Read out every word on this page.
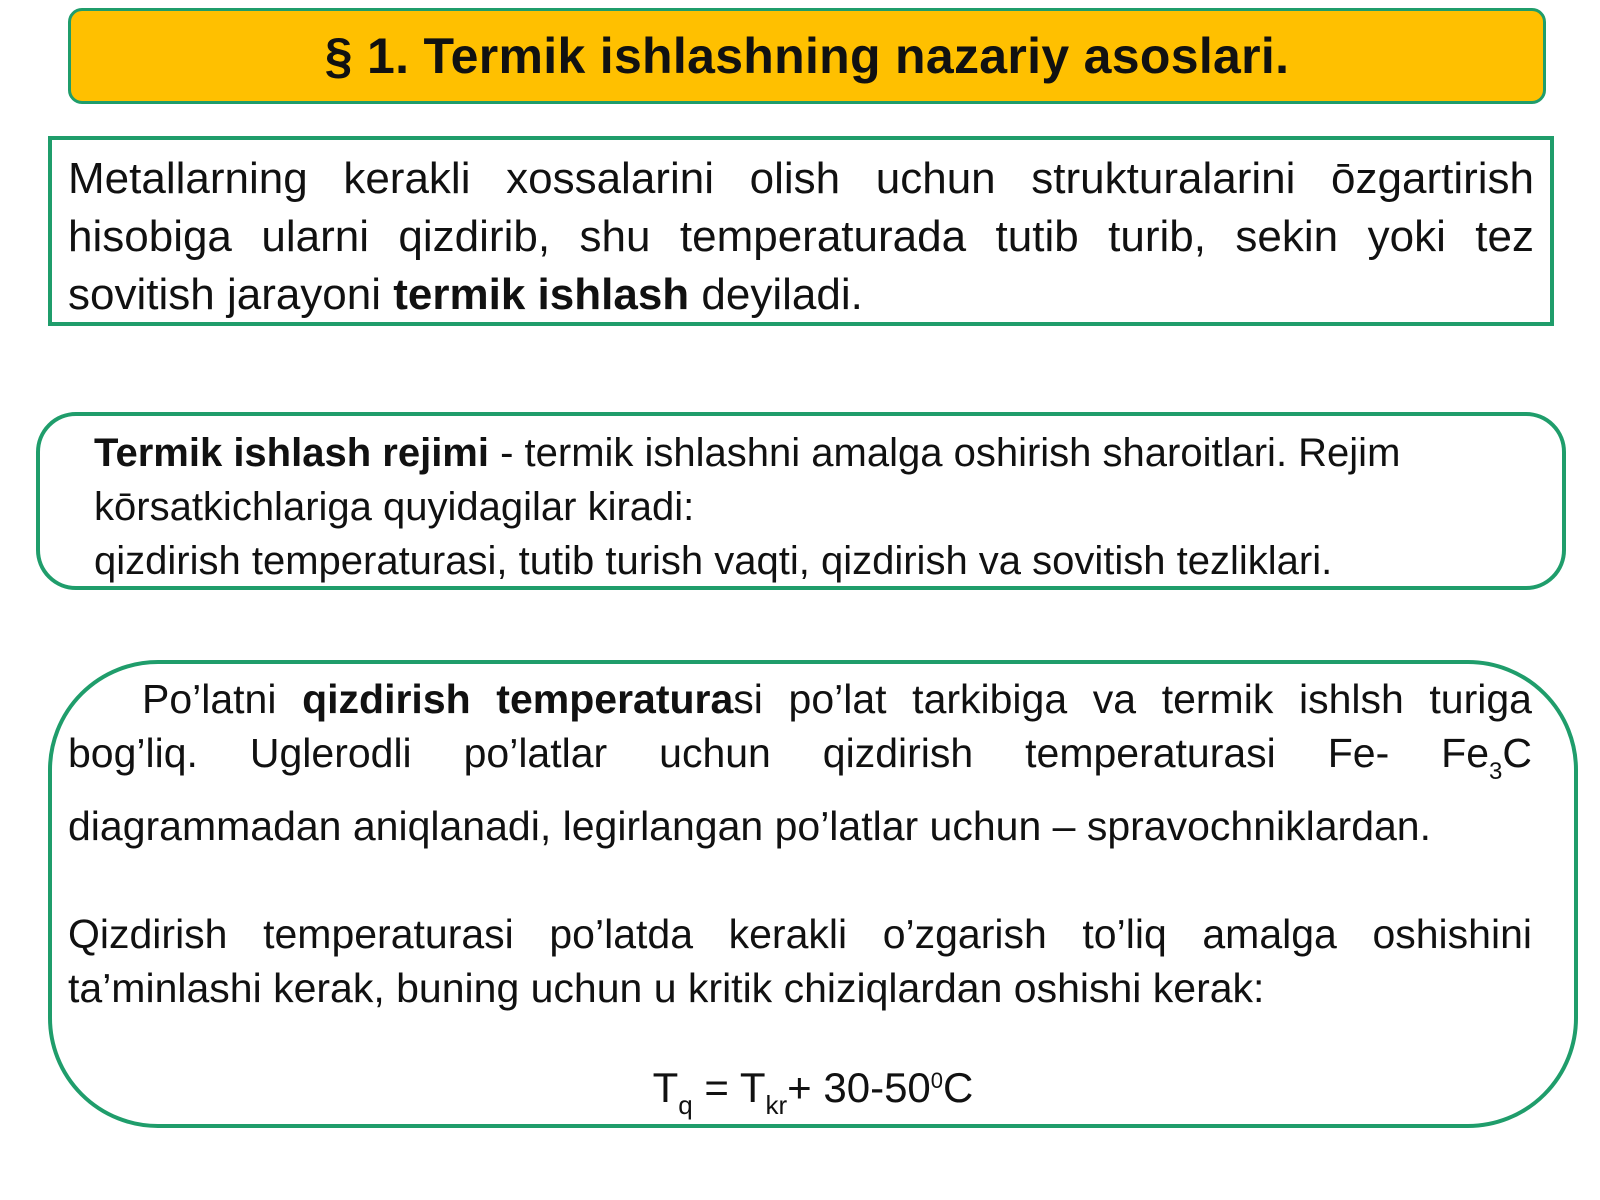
§ 1. Termik ishlashning nazariy asoslari.

Metallarning kerakli xossalarini olish uchun strukturalarini ōzgartirish hisobiga ularni qizdirib, shu temperaturada tutib turib, sekin yoki tez sovitish jarayoni termik ishlash deyiladi.

Termik ishlash rejimi - termik ishlashni amalga oshirish sharoitlari. Rejim

kōrsatkichlariga quyidagilar kiradi:

qizdirish temperaturasi, tutib turish vaqti, qizdirish va sovitish tezliklari.

Po’latni qizdirish temperaturasi po’lat tarkibiga va termik ishlsh turiga bog’liq. Uglerodli po’latlar uchun qizdirish temperaturasi Fe- $Fe_3C$ diagrammadan aniqlanadi, legirlangan po’latlar uchun – spravochniklardan.

Qizdirish temperaturasi po’latda kerakli o’zgarish to’liq amalga oshishini ta’minlashi kerak, buning uchun u kritik chiziqlardan oshishi kerak:

$T_q = T_{kr}+ 30-50^0C$
